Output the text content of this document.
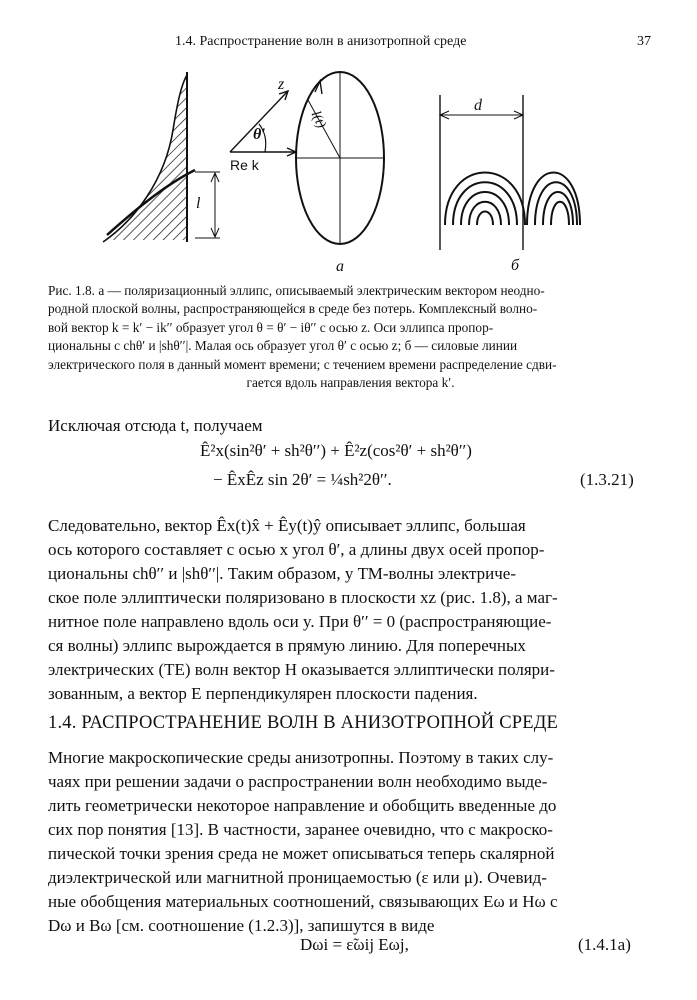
1.4. Распространение волн в анизотропной среде	37
l
z
θ′
Re k
l(t)
а
d
б

Рис. 1.8. а — поляризационный эллипс, описываемый электрическим вектором неодно-

родной плоской волны, распространяющейся в среде без потерь. Комплексный волно-

вой вектор k = k′ − ik′′ образует угол θ = θ′ − iθ′′ с осью z. Оси эллипса пропор-

циональны с chθ′ и |shθ′′|. Малая ось образует угол θ′ с осью z; б — силовые линии

электрического поля в данный момент времени; с течением времени распределение сдви-

гается вдоль направления вектора k′.

Исключая отсюда t, получаем
Ê²x(sin²θ′ + sh²θ′′) + Ê²z(cos²θ′ + sh²θ′′)
− ÊxÊz sin 2θ′ = ¼sh²2θ′′.	(1.3.21)
Следовательно, вектор Êx(t)x̂ + Êy(t)ŷ описывает эллипс, большая
ось которого составляет с осью x угол θ′, а длины двух осей пропор-
циональны chθ′′ и |shθ′′|. Таким образом, у ТМ-волны электриче-
ское поле эллиптически поляризовано в плоскости xz (рис. 1.8), а маг-
нитное поле направлено вдоль оси y. При θ′′ = 0 (распространяющие-
ся волны) эллипс вырождается в прямую линию. Для поперечных
электрических (ТЕ) волн вектор H оказывается эллиптически поляри-
зованным, а вектор E перпендикулярен плоскости падения.
1.4. РАСПРОСТРАНЕНИЕ ВОЛН В АНИЗОТРОПНОЙ СРЕДЕ
Многие макроскопические среды анизотропны. Поэтому в таких слу-
чаях при решении задачи о распространении волн необходимо выде-
лить геометрически некоторое направление и обобщить введенные до
сих пор понятия [13]. В частности, заранее очевидно, что с макроско-
пической точки зрения среда не может описываться теперь скалярной
диэлектрической или магнитной проницаемостью (ε или μ). Очевид-
ные обобщения материальных соотношений, связывающих Eω и Hω с
Dω и Bω [см. соотношение (1.2.3)], запишутся в виде
Dωi = ε̃ωij Eωj,	(1.4.1a)
